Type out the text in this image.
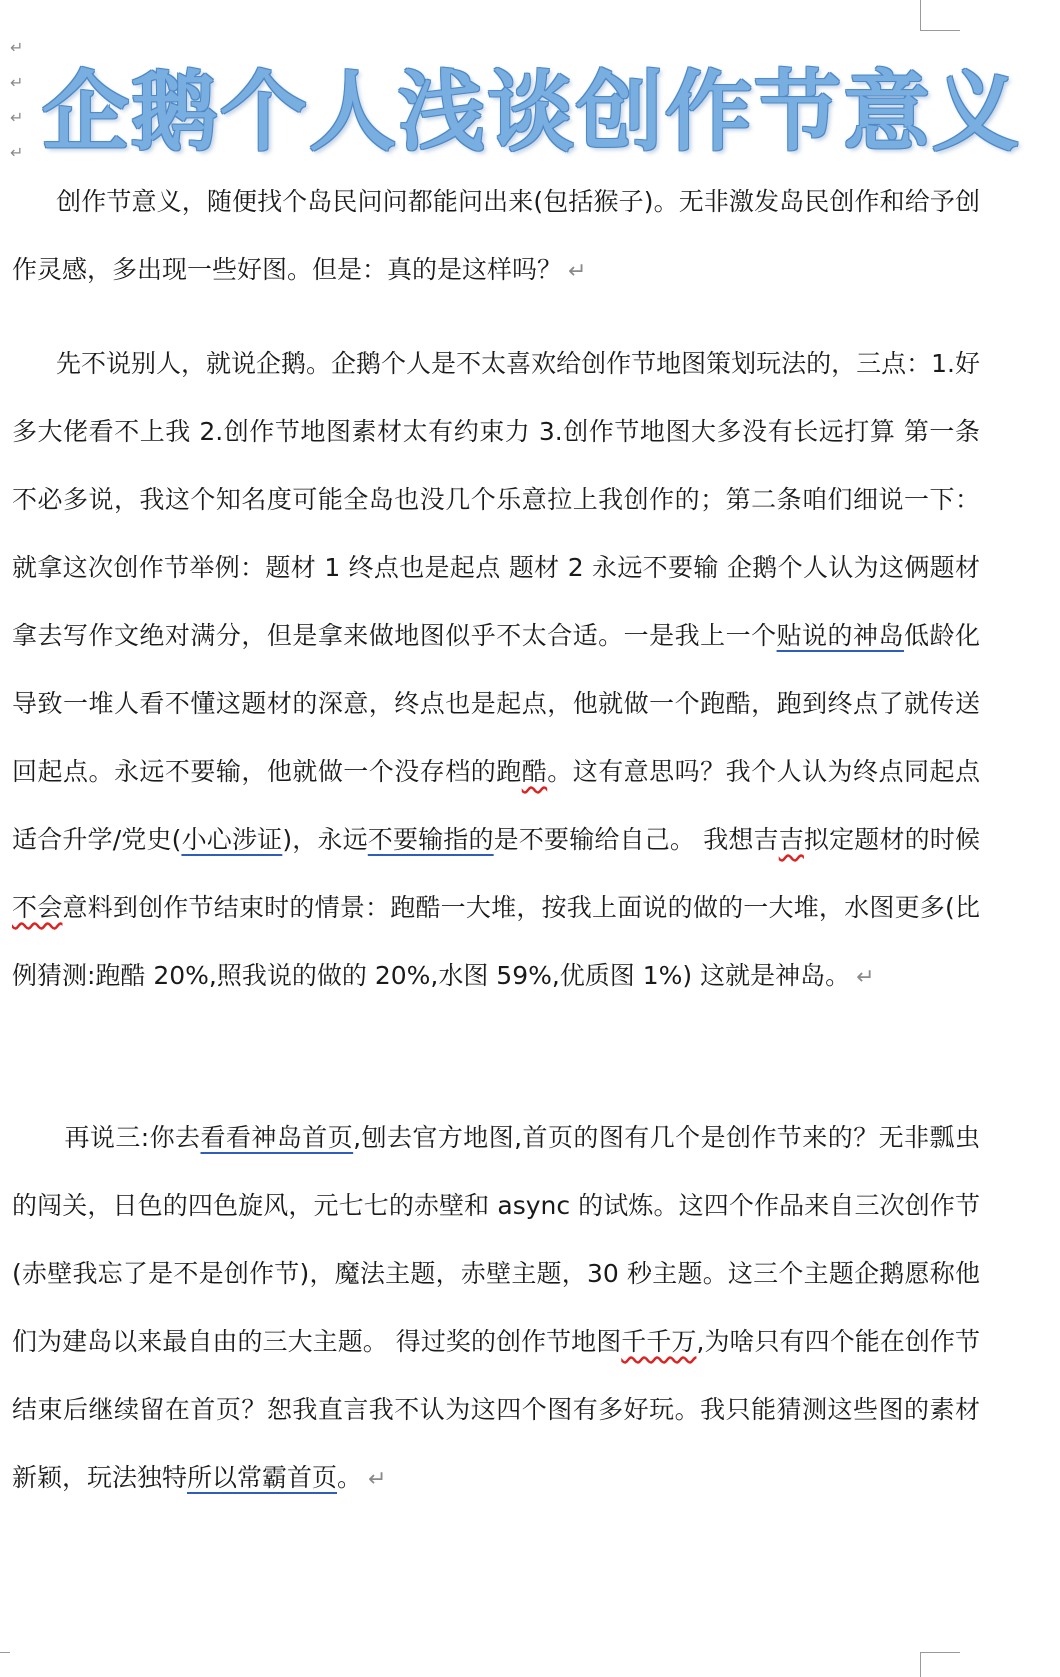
↵
↵
↵
↵ 企鹅个人浅谈创作节意义

创作节意义，随便找个岛民问问都能问出来(包括猴子)。无非激发岛民创作和给予创作灵感，多出现一些好图。但是：真的是这样吗？ ↵

先不说别人，就说企鹅。企鹅个人是不太喜欢给创作节地图策划玩法的，三点：1.好多大佬看不上我 2.创作节地图素材太有约束力 3.创作节地图大多没有长远打算 第一条不必多说，我这个知名度可能全岛也没几个乐意拉上我创作的；第二条咱们细说一下：就拿这次创作节举例：题材 1 终点也是起点 题材 2 永远不要输 企鹅个人认为这俩题材拿去写作文绝对满分，但是拿来做地图似乎不太合适。一是我上一个贴说的神岛低龄化导致一堆人看不懂这题材的深意，终点也是起点，他就做一个跑酷，跑到终点了就传送回起点。永远不要输，他就做一个没存档的跑酷。这有意思吗？我个人认为终点同起点适合升学/党史(小心涉证)，永远不要输指的是不要输给自己。 我想吉吉拟定题材的时候不会意料到创作节结束时的情景：跑酷一大堆，按我上面说的做的一大堆，水图更多(比例猜测:跑酷 20%,照我说的做的 20%,水图 59%,优质图 1%) 这就是神岛。 ↵

再说三:你去看看神岛首页,刨去官方地图,首页的图有几个是创作节来的？无非瓢虫的闯关，日色的四色旋风，元七七的赤壁和 async 的试炼。这四个作品来自三次创作节(赤壁我忘了是不是创作节)，魔法主题，赤壁主题，30 秒主题。这三个主题企鹅愿称他们为建岛以来最自由的三大主题。 得过奖的创作节地图千千万,为啥只有四个能在创作节结束后继续留在首页？恕我直言我不认为这四个图有多好玩。我只能猜测这些图的素材新颖，玩法独特所以常霸首页。 ↵
